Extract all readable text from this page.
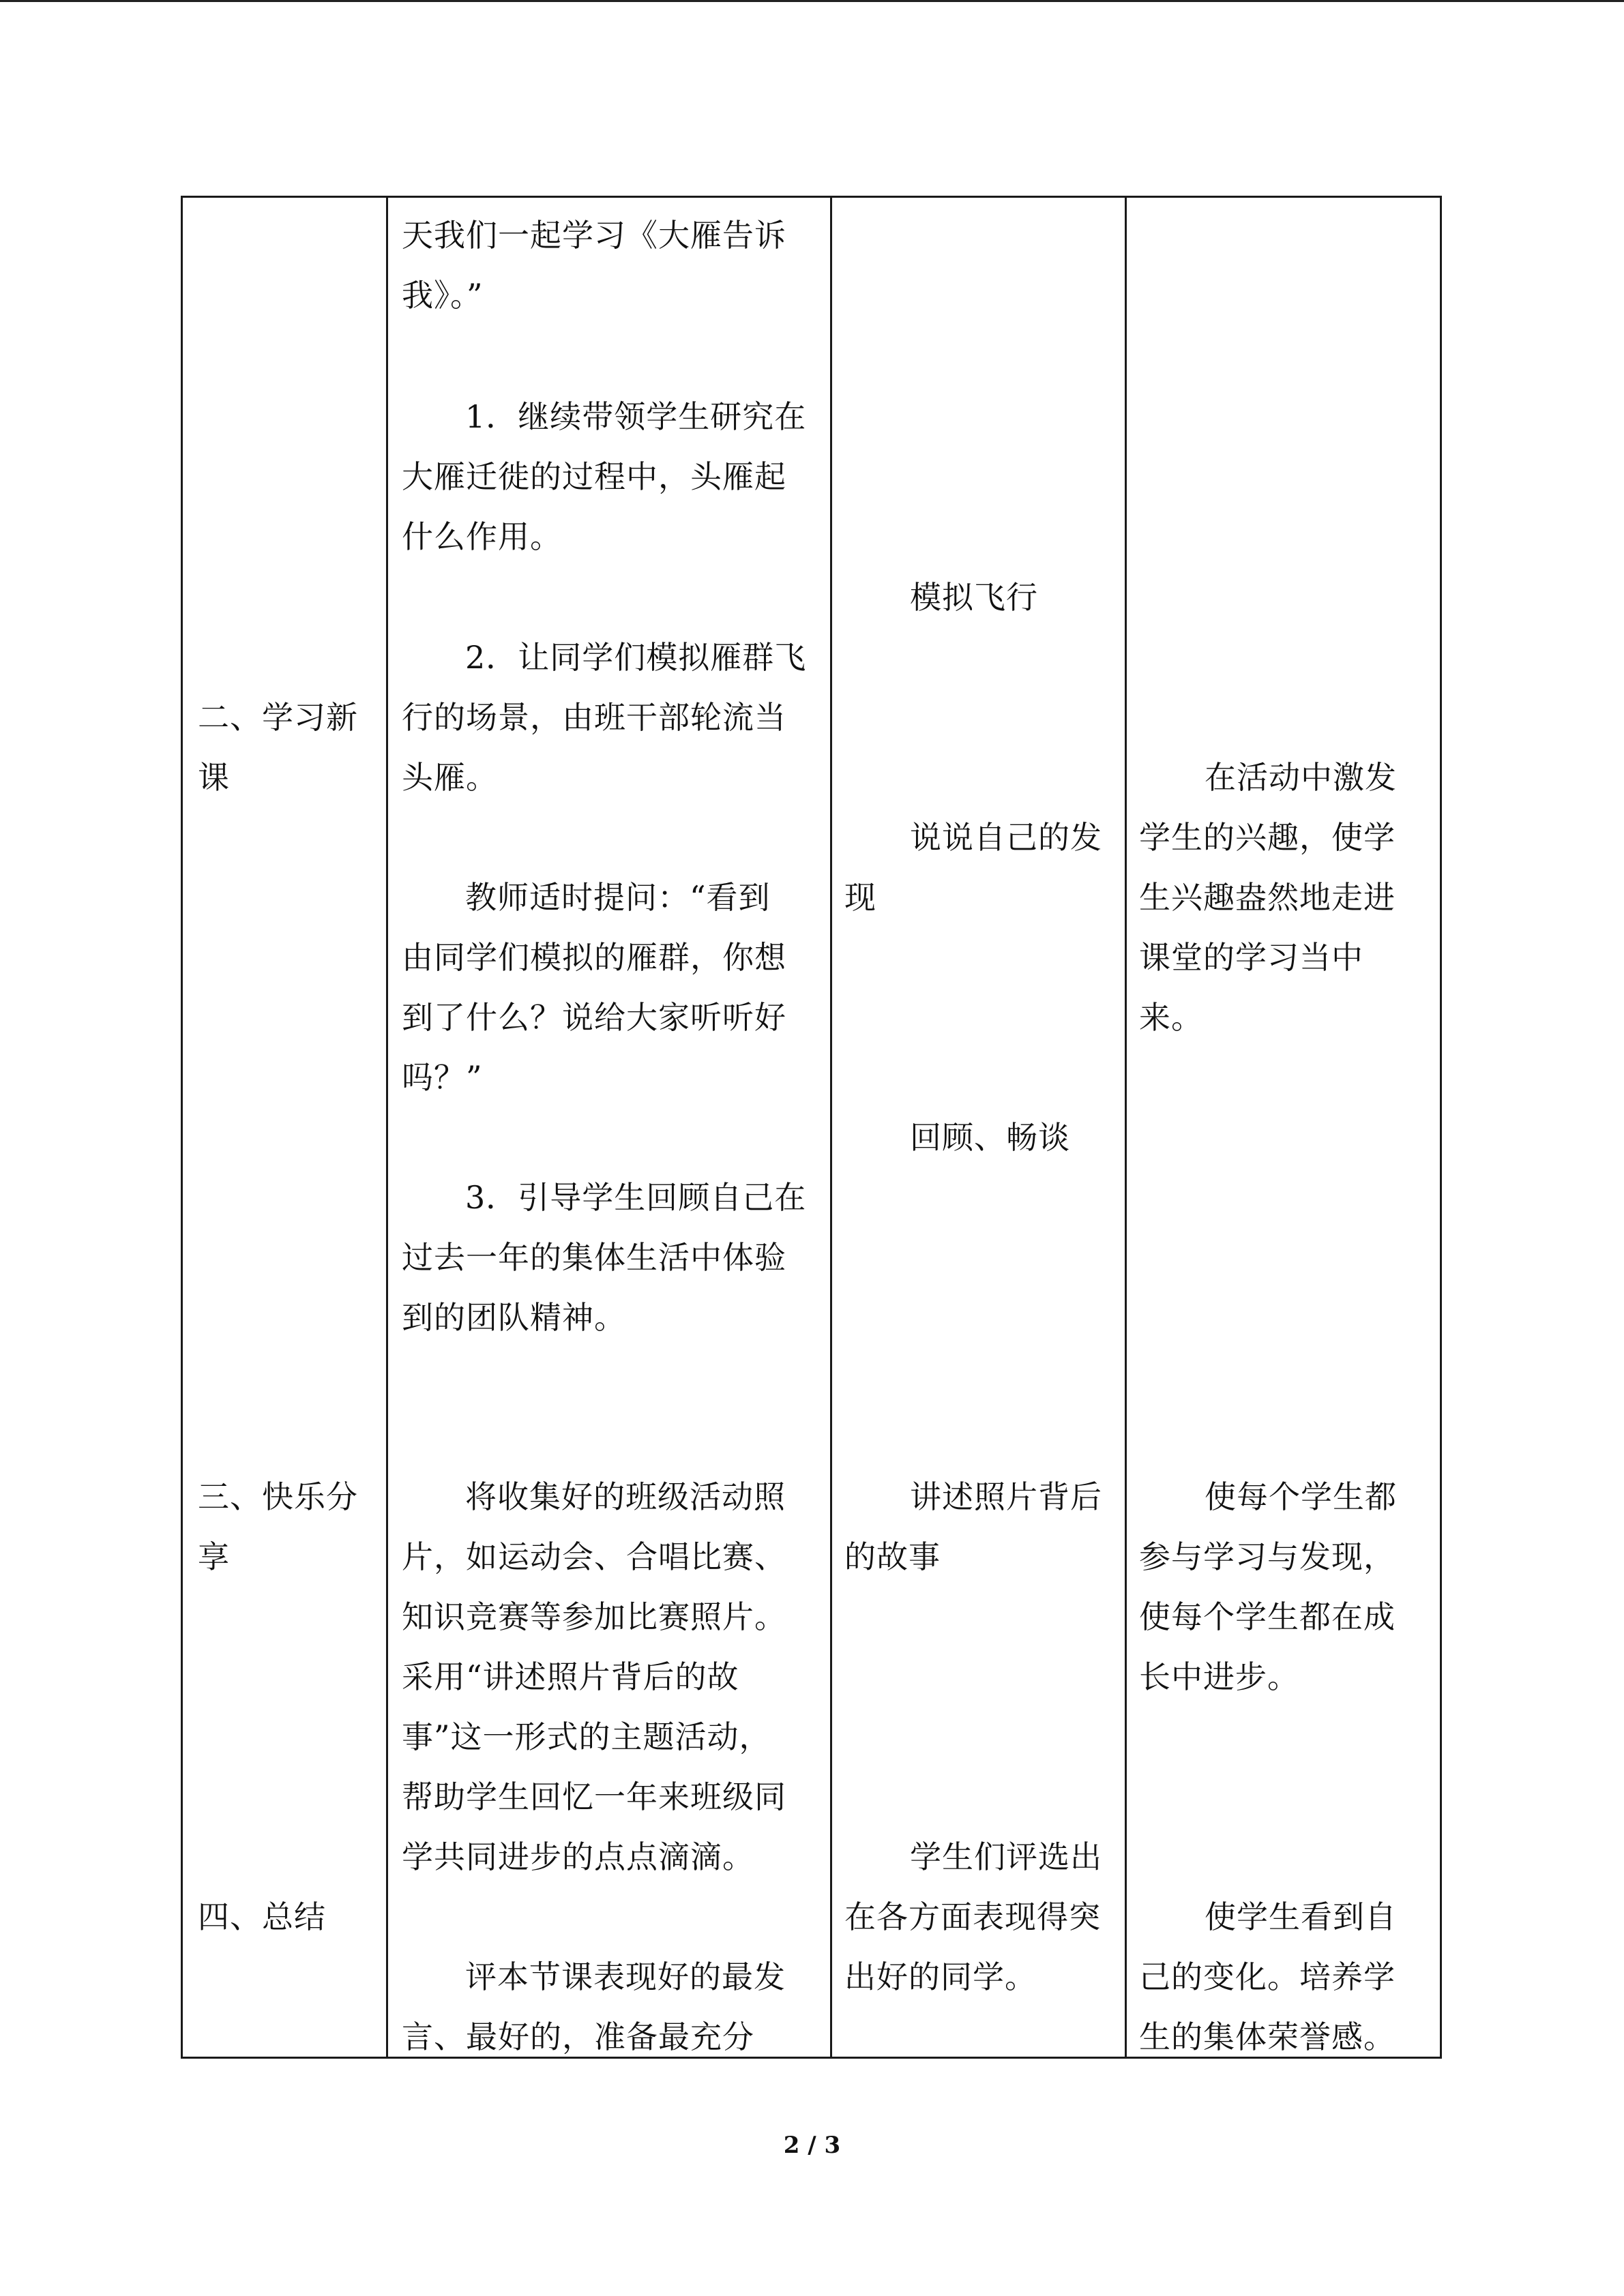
二、学习新
课
三、快乐分
享
四、总结
天我们一起学习《大雁告诉
我》。”
1．继续带领学生研究在
大雁迁徙的过程中，头雁起
什么作用。
2．让同学们模拟雁群飞
行的场景，由班干部轮流当
头雁。
教师适时提问：“看到
由同学们模拟的雁群，你想
到了什么？说给大家听听好
吗？”
3．引导学生回顾自己在
过去一年的集体生活中体验
到的团队精神。
将收集好的班级活动照
片，如运动会、合唱比赛、
知识竞赛等参加比赛照片。
采用“讲述照片背后的故
事”这一形式的主题活动，
帮助学生回忆一年来班级同
学共同进步的点点滴滴。
评本节课表现好的最发
言、最好的，准备最充分
模拟飞行
说说自己的发
现
回顾、畅谈
讲述照片背后
的故事
学生们评选出
在各方面表现得突
出好的同学。
在活动中激发
学生的兴趣，使学
生兴趣盎然地走进
课堂的学习当中
来。
使每个学生都
参与学习与发现，
使每个学生都在成
长中进步。
使学生看到自
己的变化。培养学
生的集体荣誉感。
2 / 3
